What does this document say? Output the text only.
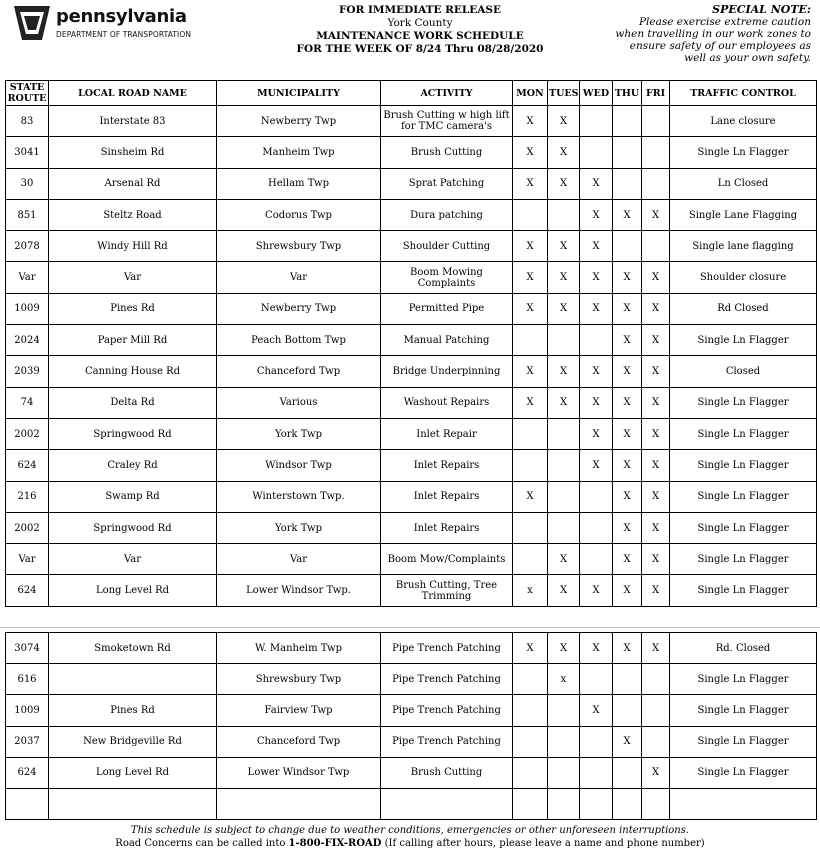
pennsylvania
DEPARTMENT OF TRANSPORTATION
FOR IMMEDIATE RELEASE
York County
MAINTENANCE WORK SCHEDULE
FOR THE WEEK OF 8/24 Thru 08/28/2020
SPECIAL NOTE:
Please exercise extreme caution
when travelling in our work zones to
ensure safety of our employees as
well as your own safety.
STATE ROUTE	LOCAL ROAD NAME	MUNICIPALITY	ACTIVITY	MON	TUES	WED	THU	FRI	TRAFFIC CONTROL
83	Interstate 83	Newberry Twp	Brush Cutting w high lift for TMC camera's	X	X				Lane closure
3041	Sinsheim Rd	Manheim Twp	Brush Cutting	X	X				Single Ln Flagger
30	Arsenal Rd	Hellam Twp	Sprat Patching	X	X	X			Ln Closed
851	Steltz Road	Codorus Twp	Dura patching			X	X	X	Single Lane Flagging
2078	Windy Hill Rd	Shrewsbury Twp	Shoulder Cutting	X	X	X			Single lane flagging
Var	Var	Var	Boom Mowing Complaints	X	X	X	X	X	Shoulder closure
1009	Pines Rd	Newberry Twp	Permitted Pipe	X	X	X	X	X	Rd Closed
2024	Paper Mill Rd	Peach Bottom Twp	Manual Patching				X	X	Single Ln Flagger
2039	Canning House Rd	Chanceford Twp	Bridge Underpinning	X	X	X	X	X	Closed
74	Delta Rd	Various	Washout Repairs	X	X	X	X	X	Single Ln Flagger
2002	Springwood Rd	York Twp	Inlet Repair			X	X	X	Single Ln Flagger
624	Craley Rd	Windsor Twp	Inlet Repairs			X	X	X	Single Ln Flagger
216	Swamp Rd	Winterstown Twp.	Inlet Repairs	X			X	X	Single Ln Flagger
2002	Springwood Rd	York Twp	Inlet Repairs				X	X	Single Ln Flagger
Var	Var	Var	Boom Mow/Complaints		X		X	X	Single Ln Flagger
624	Long Level Rd	Lower Windsor Twp.	Brush Cutting, Tree Trimming	x	X	X	X	X	Single Ln Flagger
3074	Smoketown Rd	W. Manheim Twp	Pipe Trench Patching	X	X	X	X	X	Rd. Closed
616		Shrewsbury Twp	Pipe Trench Patching		x				Single Ln Flagger
1009	Pines Rd	Fairview Twp	Pipe Trench Patching			X			Single Ln Flagger
2037	New Bridgeville Rd	Chanceford Twp	Pipe Trench Patching				X		Single Ln Flagger
624	Long Level Rd	Lower Windsor Twp	Brush Cutting					X	Single Ln Flagger

This schedule is subject to change due to weather conditions, emergencies or other unforeseen interruptions.
Road Concerns can be called into 1-800-FIX-ROAD (If calling after hours, please leave a name and phone number)
